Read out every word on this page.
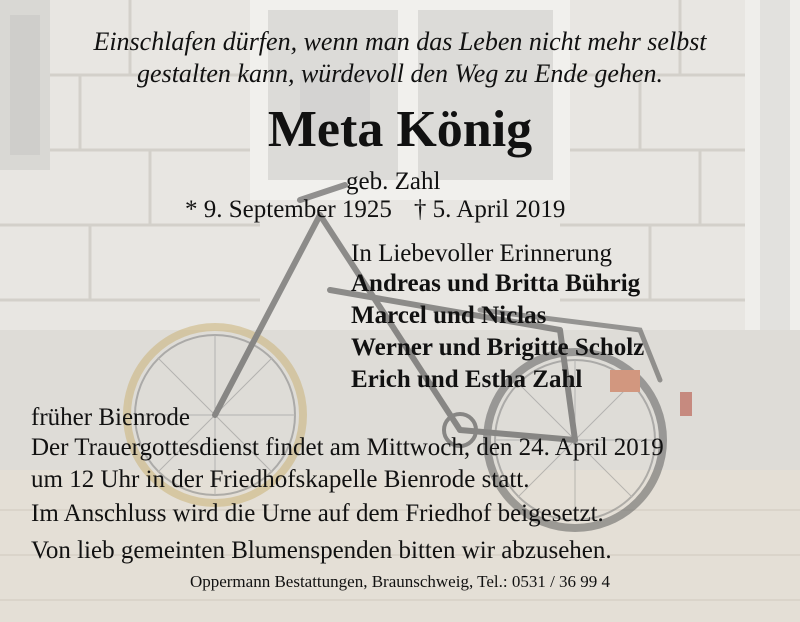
Einschlafen dürfen, wenn man das Leben nicht mehr selbst
gestalten kann, würdevoll den Weg zu Ende gehen.
Meta König
geb. Zahl
* 9. September 1925 † 5. April 2019
In Liebevoller Erinnerung
Andreas und Britta Bührig
Marcel und Niclas
Werner und Brigitte Scholz
Erich und Estha Zahl
früher Bienrode
Der Trauergottesdienst findet am Mittwoch, den 24. April 2019
um 12 Uhr in der Friedhofskapelle Bienrode statt.
Im Anschluss wird die Urne auf dem Friedhof beigesetzt.
Von lieb gemeinten Blumenspenden bitten wir abzusehen.
Oppermann Bestattungen, Braunschweig, Tel.: 0531 / 36 99 4
